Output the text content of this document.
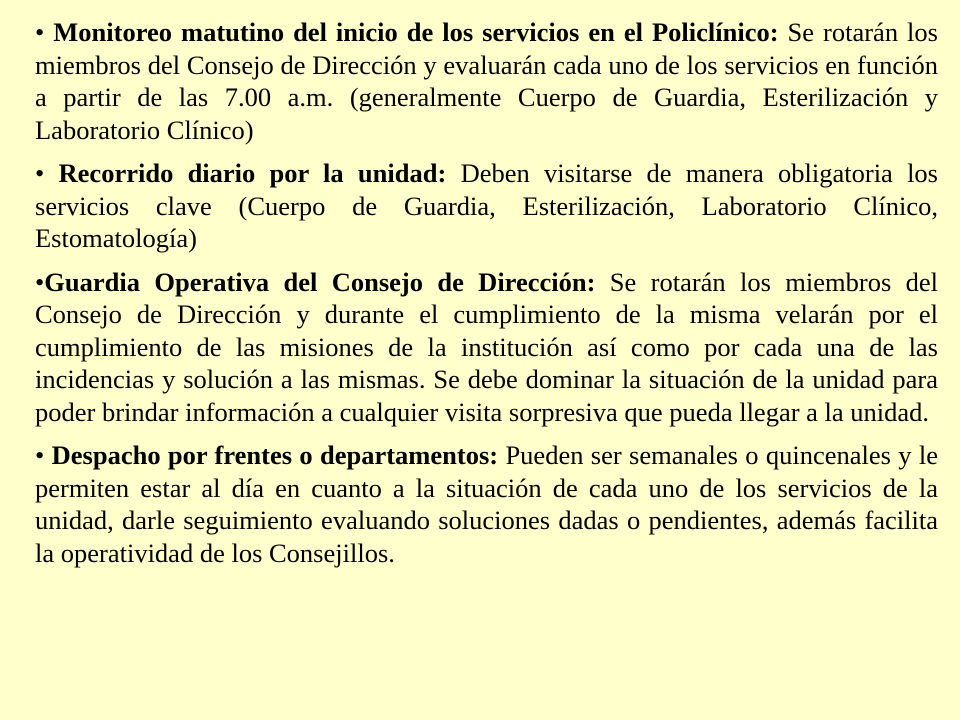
• Monitoreo matutino del inicio de los servicios en el Policlínico: Se rotarán los miembros del Consejo de Dirección y evaluarán cada uno de los servicios en función a partir de las 7.00 a.m. (generalmente Cuerpo de Guardia, Esterilización y Laboratorio Clínico)

• Recorrido diario por la unidad: Deben visitarse de manera obligatoria los servicios clave (Cuerpo de Guardia, Esterilización, Laboratorio Clínico, Estomatología)

•Guardia Operativa del Consejo de Dirección: Se rotarán los miembros del Consejo de Dirección y durante el cumplimiento de la misma velarán por el cumplimiento de las misiones de la institución así como por cada una de las incidencias y solución a las mismas. Se debe dominar la situación de la unidad para poder brindar información a cualquier visita sorpresiva que pueda llegar a la unidad.

• Despacho por frentes o departamentos: Pueden ser semanales o quincenales y le permiten estar al día en cuanto a la situación de cada uno de los servicios de la unidad, darle seguimiento evaluando soluciones dadas o pendientes, además facilita la operatividad de los Consejillos.
